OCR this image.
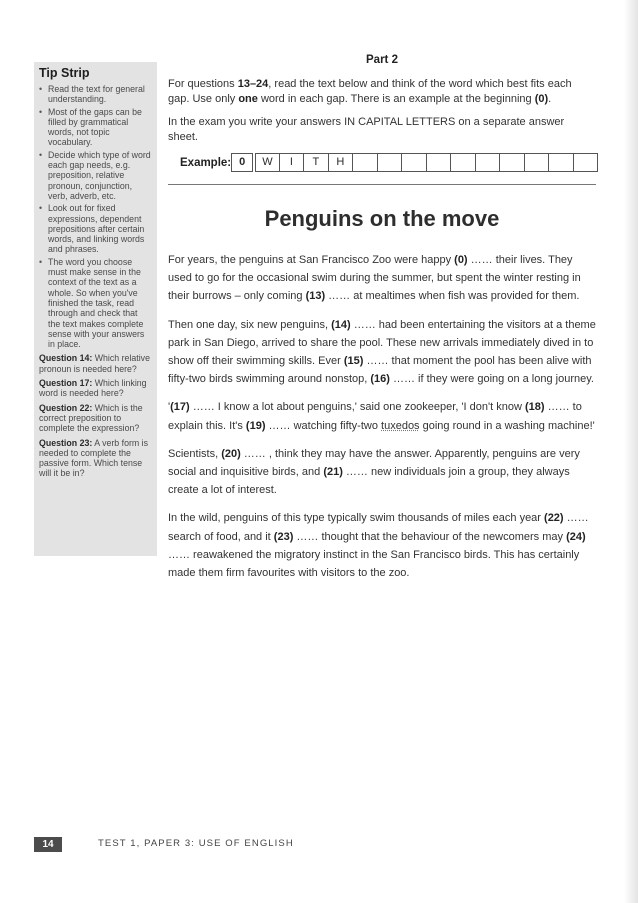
Tip Strip
• Read the text for general understanding.
• Most of the gaps can be filled by grammatical words, not topic vocabulary.
• Decide which type of word each gap needs, e.g. preposition, relative pronoun, conjunction, verb, adverb, etc.
• Look out for fixed expressions, dependent prepositions after certain words, and linking words and phrases.
• The word you choose must make sense in the context of the text as a whole. So when you've finished the task, read through and check that the text makes complete sense with your answers in place.
Question 14: Which relative pronoun is needed here?
Question 17: Which linking word is needed here?
Question 22: Which is the correct preposition to complete the expression?
Question 23: A verb form is needed to complete the passive form. Which tense will it be in?
Part 2

For questions 13–24, read the text below and think of the word which best fits each gap. Use only one word in each gap. There is an example at the beginning (0).

In the exam you write your answers IN CAPITAL LETTERS on a separate answer sheet.

Example: 0	W	I	T	H
Penguins on the move

For years, the penguins at San Francisco Zoo were happy (0) …… their lives. They used to go for the occasional swim during the summer, but spent the winter resting in their burrows – only coming (13) …… at mealtimes when fish was provided for them.

Then one day, six new penguins, (14) …… had been entertaining the visitors at a theme park in San Diego, arrived to share the pool. These new arrivals immediately dived in to show off their swimming skills. Ever (15) …… that moment the pool has been alive with fifty-two birds swimming around nonstop, (16) …… if they were going on a long journey.

'(17) …… I know a lot about penguins,' said one zookeeper, 'I don't know (18) …… to explain this. It's (19) …… watching fifty-two tuxedos going round in a washing machine!'

Scientists, (20) …… , think they may have the answer. Apparently, penguins are very social and inquisitive birds, and (21) …… new individuals join a group, they always create a lot of interest.

In the wild, penguins of this type typically swim thousands of miles each year (22) …… search of food, and it (23) …… thought that the behaviour of the newcomers may (24) …… reawakened the migratory instinct in the San Francisco birds. This has certainly made them firm favourites with visitors to the zoo.

14	TEST 1, PAPER 3: USE OF ENGLISH
